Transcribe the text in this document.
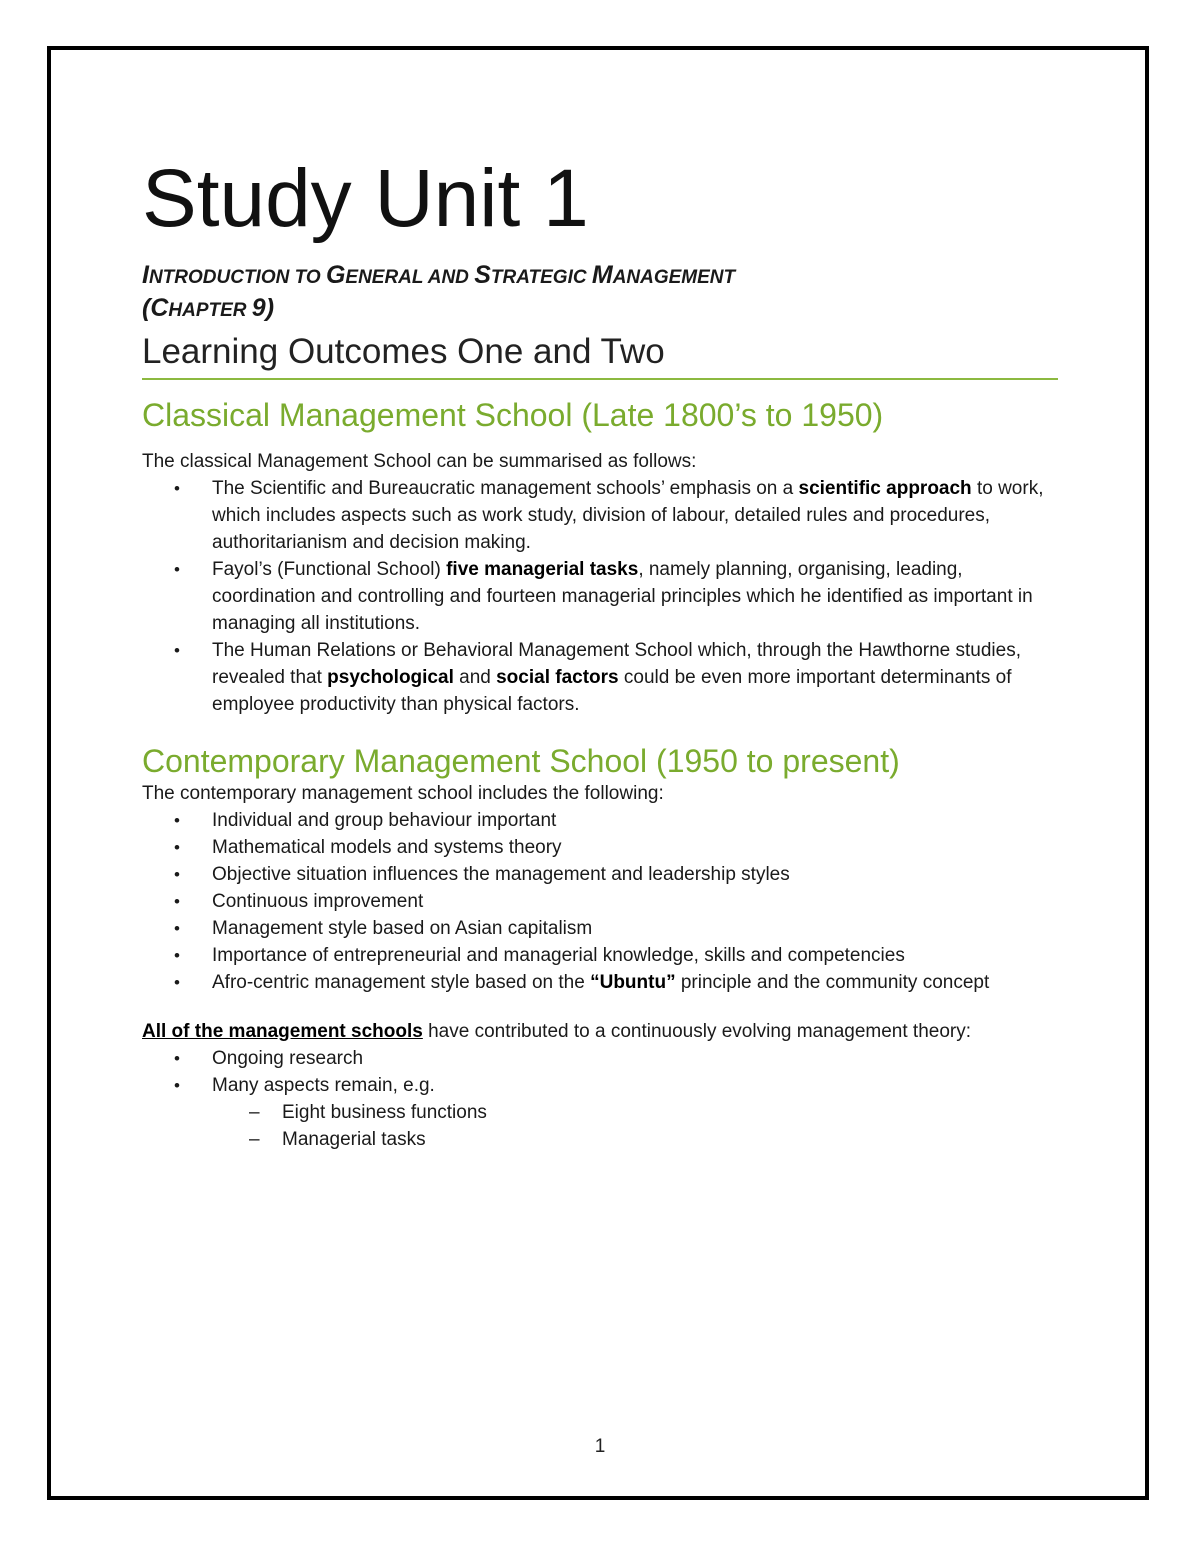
Study Unit 1
INTRODUCTION TO GENERAL AND STRATEGIC MANAGEMENT
(CHAPTER 9)
Learning Outcomes One and Two
Classical Management School (Late 1800’s to 1950)

The classical Management School can be summarised as follows:

• The Scientific and Bureaucratic management schools’ emphasis on a scientific approach to work, which includes aspects such as work study, division of labour, detailed rules and procedures, authoritarianism and decision making.
• Fayol’s (Functional School) five managerial tasks, namely planning, organising, leading, coordination and controlling and fourteen managerial principles which he identified as important in managing all institutions.
• The Human Relations or Behavioral Management School which, through the Hawthorne studies, revealed that psychological and social factors could be even more important determinants of employee productivity than physical factors.
Contemporary Management School (1950 to present)

The contemporary management school includes the following:

• Individual and group behaviour important
• Mathematical models and systems theory
• Objective situation influences the management and leadership styles
• Continuous improvement
• Management style based on Asian capitalism
• Importance of entrepreneurial and managerial knowledge, skills and competencies
• Afro-centric management style based on the “Ubuntu” principle and the community concept

All of the management schools have contributed to a continuously evolving management theory:

• Ongoing research
• Many aspects remain, e.g.
– Eight business functions
– Managerial tasks
1
